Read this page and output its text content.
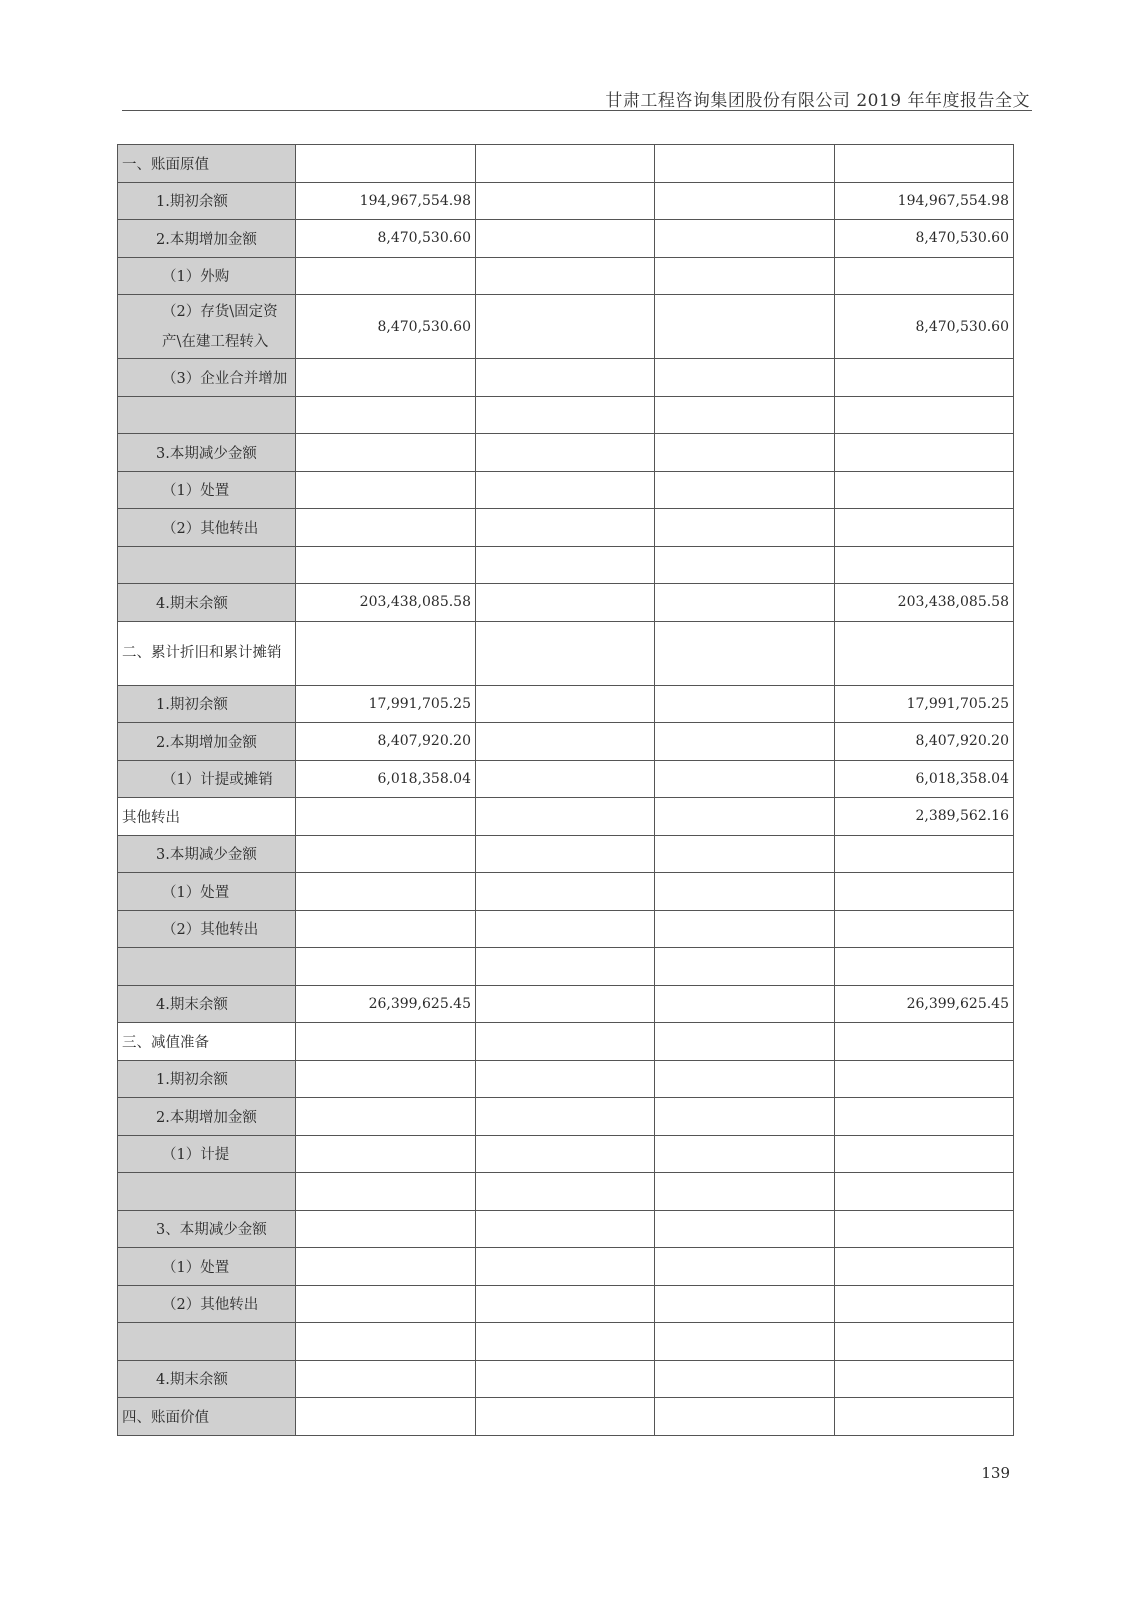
甘肃工程咨询集团股份有限公司 2019 年年度报告全文
一、账面原值				
1.期初余额	194,967,554.98			194,967,554.98
2.本期增加金额	8,470,530.60			8,470,530.60
（1）外购				
（2）存货\固定资产\在建工程转入	8,470,530.60			8,470,530.60
（3）企业合并增加				

3.本期减少金额				
（1）处置				
（2）其他转出				

4.期末余额	203,438,085.58			203,438,085.58
二、累计折旧和累计摊销				
1.期初余额	17,991,705.25			17,991,705.25
2.本期增加金额	8,407,920.20			8,407,920.20
（1）计提或摊销	6,018,358.04			6,018,358.04
其他转出				2,389,562.16
3.本期减少金额				
（1）处置				
（2）其他转出				

4.期末余额	26,399,625.45			26,399,625.45
三、减值准备				
1.期初余额				
2.本期增加金额				
（1）计提				

3、本期减少金额				
（1）处置				
（2）其他转出				

4.期末余额				
四、账面价值				
139
